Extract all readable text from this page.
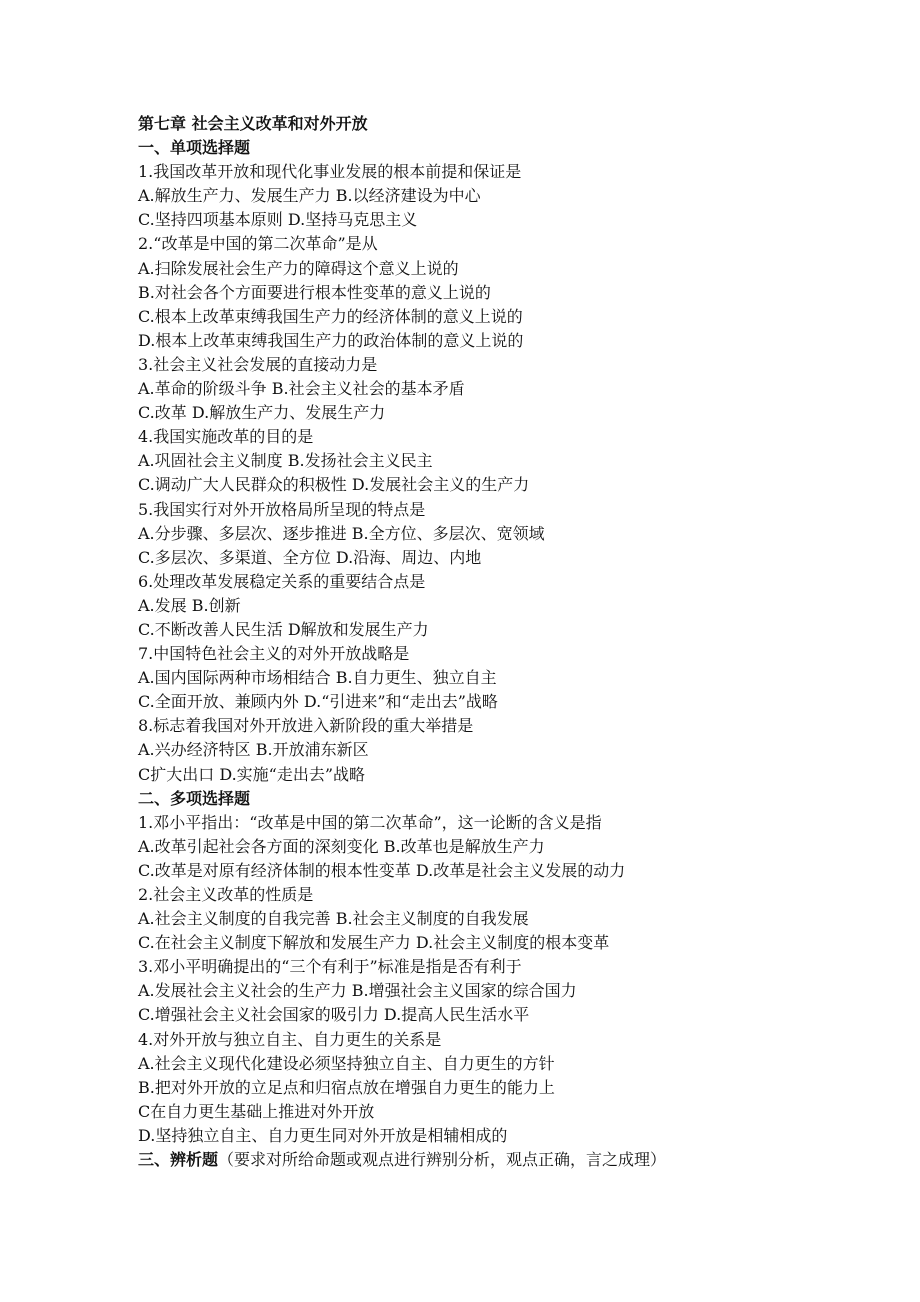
第七章 社会主义改革和对外开放
一、单项选择题
1.我国改革开放和现代化事业发展的根本前提和保证是
A.解放生产力、发展生产力 B.以经济建设为中心
C.坚持四项基本原则 D.坚持马克思主义
2.“改革是中国的第二次革命”是从
A.扫除发展社会生产力的障碍这个意义上说的
B.对社会各个方面要进行根本性变革的意义上说的
C.根本上改革束缚我国生产力的经济体制的意义上说的
D.根本上改革束缚我国生产力的政治体制的意义上说的
3.社会主义社会发展的直接动力是
A.革命的阶级斗争 B.社会主义社会的基本矛盾
C.改革 D.解放生产力、发展生产力
4.我国实施改革的目的是
A.巩固社会主义制度 B.发扬社会主义民主
C.调动广大人民群众的积极性 D.发展社会主义的生产力
5.我国实行对外开放格局所呈现的特点是
A.分步骤、多层次、逐步推进 B.全方位、多层次、宽领域
C.多层次、多渠道、全方位 D.沿海、周边、内地
6.处理改革发展稳定关系的重要结合点是
A.发展 B.创新
C.不断改善人民生活 D解放和发展生产力
7.中国特色社会主义的对外开放战略是
A.国内国际两种市场相结合 B.自力更生、独立自主
C.全面开放、兼顾内外 D.“引进来”和“走出去”战略
8.标志着我国对外开放进入新阶段的重大举措是
A.兴办经济特区 B.开放浦东新区
C扩大出口 D.实施“走出去”战略
二、多项选择题
1.邓小平指出：“改革是中国的第二次革命”，这一论断的含义是指
A.改革引起社会各方面的深刻变化 B.改革也是解放生产力
C.改革是对原有经济体制的根本性变革 D.改革是社会主义发展的动力
2.社会主义改革的性质是
A.社会主义制度的自我完善 B.社会主义制度的自我发展
C.在社会主义制度下解放和发展生产力 D.社会主义制度的根本变革
3.邓小平明确提出的“三个有利于”标准是指是否有利于
A.发展社会主义社会的生产力 B.增强社会主义国家的综合国力
C.增强社会主义社会国家的吸引力 D.提高人民生活水平
4.对外开放与独立自主、自力更生的关系是
A.社会主义现代化建设必须坚持独立自主、自力更生的方针
B.把对外开放的立足点和归宿点放在增强自力更生的能力上
C在自力更生基础上推进对外开放
D.坚持独立自主、自力更生同对外开放是相辅相成的
三、辨析题（要求对所给命题或观点进行辨别分析，观点正确，言之成理）
